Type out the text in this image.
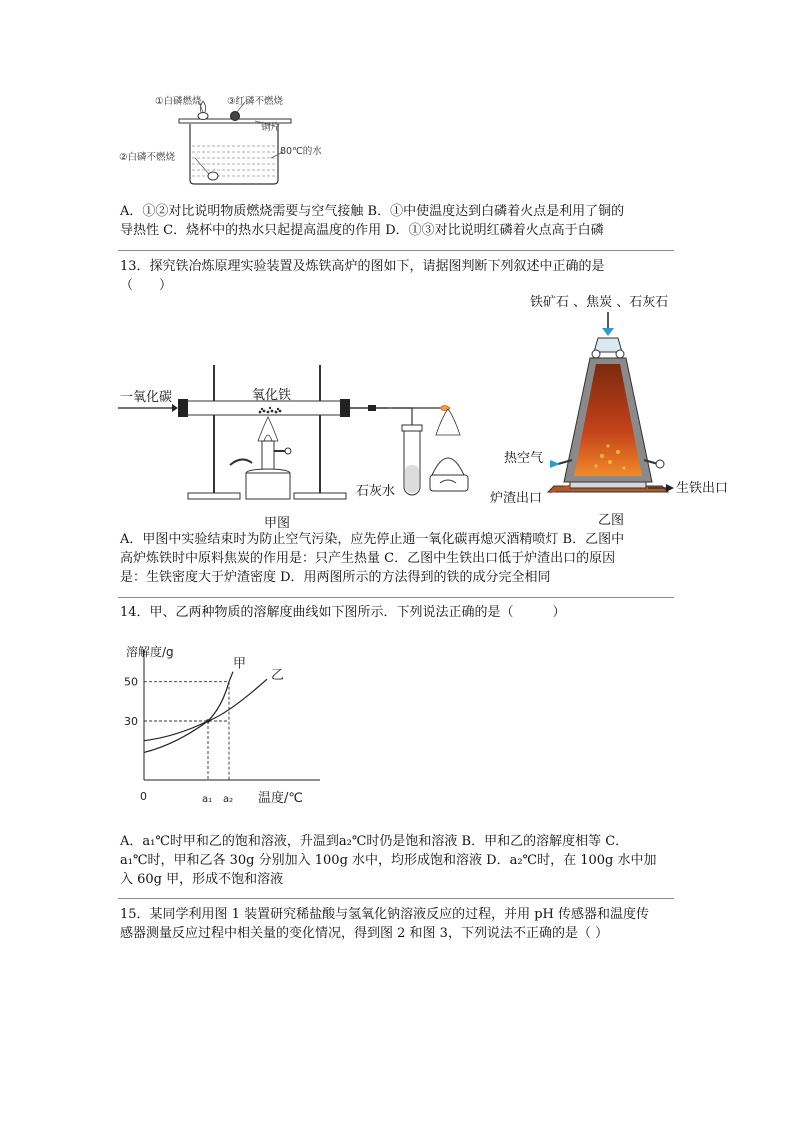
①白磷燃烧	③红磷不燃烧
铜片
②白磷不燃烧
80℃的水
A．①②对比说明物质燃烧需要与空气接触 B．①中使温度达到白磷着火点是利用了铜的
导热性 C．烧杯中的热水只起提高温度的作用 D．①③对比说明红磷着火点高于白磷
13．探究铁冶炼原理实验装置及炼铁高炉的图如下，请据图判断下列叙述中正确的是
（　　）
一氧化碳	氧化铁
石灰水
甲图
铁矿石 、焦炭 、石灰石
热空气
炉渣出口
生铁出口
乙图
A．甲图中实验结束时为防止空气污染，应先停止通一氧化碳再熄灭酒精喷灯 B．乙图中
高炉炼铁时中原料焦炭的作用是：只产生热量 C．乙图中生铁出口低于炉渣出口的原因
是：生铁密度大于炉渣密度 D．用两图所示的方法得到的铁的成分完全相同
14．甲、乙两种物质的溶解度曲线如下图所示．下列说法正确的是（　　　）
溶解度/g
温度/℃
0
30
50
a₁ a₂
甲
乙
A．a₁℃时甲和乙的饱和溶液，升温到a₂℃时仍是饱和溶液 B．甲和乙的溶解度相等 C．
a₁℃时，甲和乙各 30g 分别加入 100g 水中，均形成饱和溶液 D．a₂℃时，在 100g 水中加
入 60g 甲，形成不饱和溶液
15．某同学利用图 1 装置研究稀盐酸与氢氧化钠溶液反应的过程，并用 pH 传感器和温度传
感器测量反应过程中相关量的变化情况，得到图 2 和图 3，下列说法不正确的是（ ）
